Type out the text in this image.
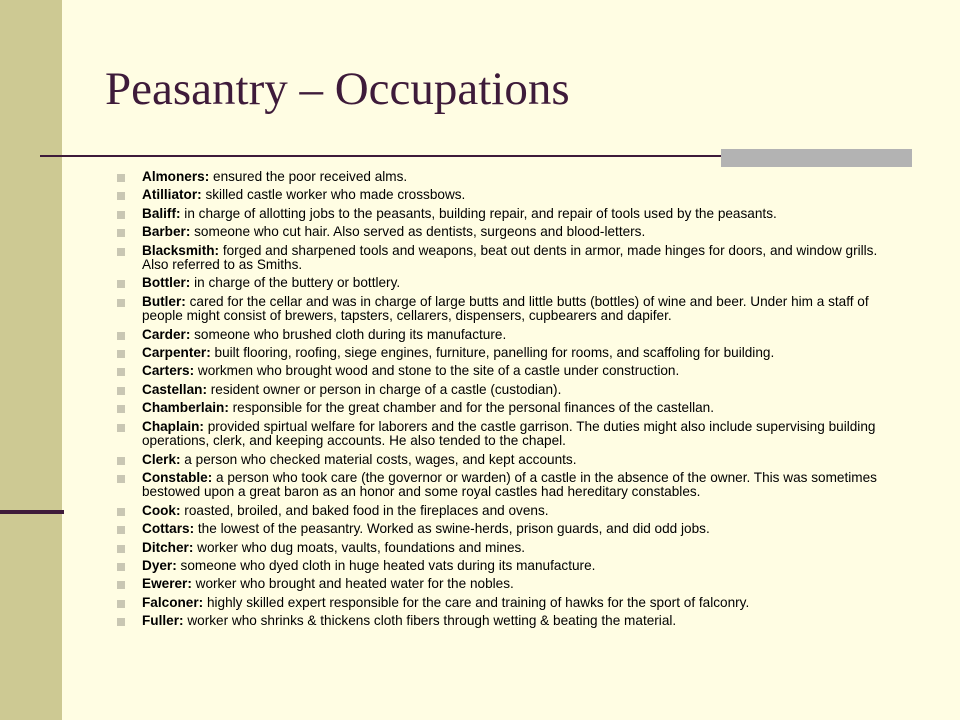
Peasantry – Occupations
Almoners: ensured the poor received alms.
Atilliator: skilled castle worker who made crossbows.
Baliff: in charge of allotting jobs to the peasants, building repair, and repair of tools used by the peasants.
Barber: someone who cut hair. Also served as dentists, surgeons and blood-letters.
Blacksmith: forged and sharpened tools and weapons, beat out dents in armor, made hinges for doors, and window grills. Also referred to as Smiths.
Bottler: in charge of the buttery or bottlery.
Butler: cared for the cellar and was in charge of large butts and little butts (bottles) of wine and beer. Under him a staff of people might consist of brewers, tapsters, cellarers, dispensers, cupbearers and dapifer.
Carder: someone who brushed cloth during its manufacture.
Carpenter: built flooring, roofing, siege engines, furniture, panelling for rooms, and scaffoling for building.
Carters: workmen who brought wood and stone to the site of a castle under construction.
Castellan: resident owner or person in charge of a castle (custodian).
Chamberlain: responsible for the great chamber and for the personal finances of the castellan.
Chaplain: provided spirtual welfare for laborers and the castle garrison. The duties might also include supervising building operations, clerk, and keeping accounts. He also tended to the chapel.
Clerk: a person who checked material costs, wages, and kept accounts.
Constable: a person who took care (the governor or warden) of a castle in the absence of the owner. This was sometimes bestowed upon a great baron as an honor and some royal castles had hereditary constables.
Cook: roasted, broiled, and baked food in the fireplaces and ovens.
Cottars: the lowest of the peasantry. Worked as swine-herds, prison guards, and did odd jobs.
Ditcher: worker who dug moats, vaults, foundations and mines.
Dyer: someone who dyed cloth in huge heated vats during its manufacture.
Ewerer: worker who brought and heated water for the nobles.
Falconer: highly skilled expert responsible for the care and training of hawks for the sport of falconry.
Fuller: worker who shrinks & thickens cloth fibers through wetting & beating the material.
